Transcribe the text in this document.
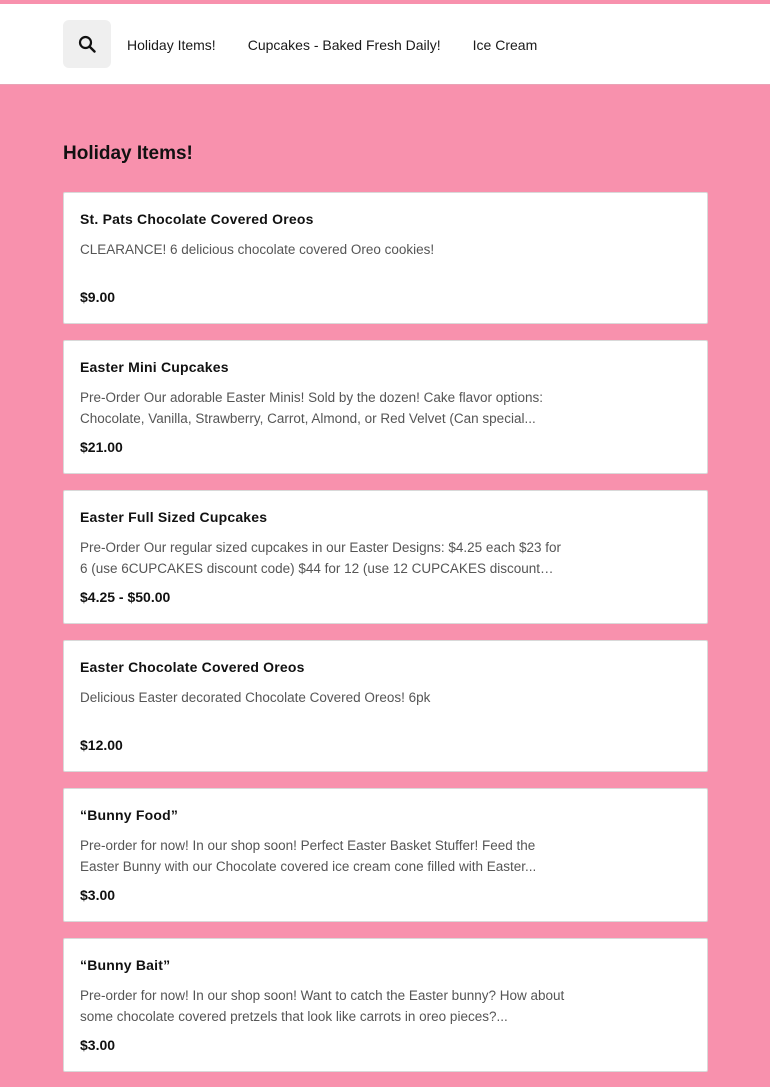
Holiday Items! Cupcakes - Baked Fresh Daily! Ice Cream
Holiday Items!
St. Pats Chocolate Covered Oreos
CLEARANCE! 6 delicious chocolate covered Oreo cookies!
$9.00
Easter Mini Cupcakes
Pre-Order Our adorable Easter Minis! Sold by the dozen! Cake flavor options: Chocolate, Vanilla, Strawberry, Carrot, Almond, or Red Velvet (Can special...
$21.00
Easter Full Sized Cupcakes
Pre-Order Our regular sized cupcakes in our Easter Designs: $4.25 each $23 for 6 (use 6CUPCAKES discount code) $44 for 12 (use 12 CUPCAKES discount
$4.25 - $50.00
Easter Chocolate Covered Oreos
Delicious Easter decorated Chocolate Covered Oreos! 6pk
$12.00
“Bunny Food”
Pre-order for now! In our shop soon! Perfect Easter Basket Stuffer! Feed the Easter Bunny with our Chocolate covered ice cream cone filled with Easter...
$3.00
“Bunny Bait”
Pre-order for now! In our shop soon! Want to catch the Easter bunny? How about some chocolate covered pretzels that look like carrots in oreo pieces?...
$3.00
